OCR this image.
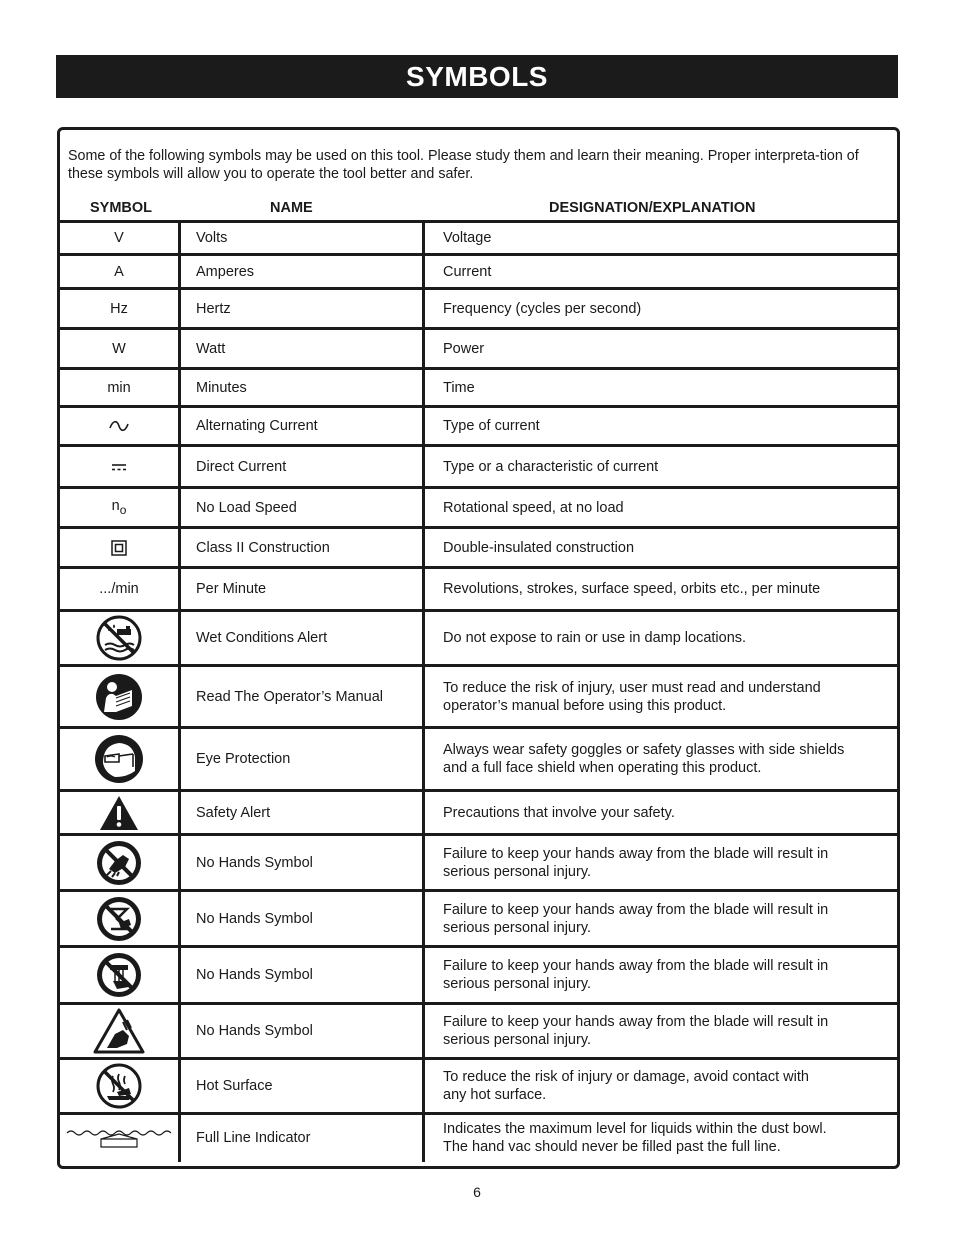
SYMBOLS

Some of the following symbols may be used on this tool. Please study them and learn their meaning. Proper interpreta-tion of these symbols will allow you to operate the tool better and safer.

SYMBOL	NAME	DESIGNATION/EXPLANATION
V	Volts	Voltage
A	Amperes	Current
Hz	Hertz	Frequency (cycles per second)
W	Watt	Power
min	Minutes	Time
	Alternating Current	Type of current
	Direct Current	Type or a characteristic of current
$n_o$	No Load Speed	Rotational speed, at no load
	Class II Construction	Double-insulated construction
.../min	Per Minute	Revolutions, strokes, surface speed, orbits etc., per minute
	Wet Conditions Alert	Do not expose to rain or use in damp locations.
	Read The Operator’s Manual	To reduce the risk of injury, user must read and understand
operator’s manual before using this product.

	Eye Protection	Always wear safety goggles or safety glasses with side shields
and a full face shield when operating this product.

	Safety Alert	Precautions that involve your safety.
	No Hands Symbol	Failure to keep your hands away from the blade will result in
serious personal injury.

	No Hands Symbol	Failure to keep your hands away from the blade will result in
serious personal injury.

	No Hands Symbol	Failure to keep your hands away from the blade will result in
serious personal injury.

	No Hands Symbol	Failure to keep your hands away from the blade will result in
serious personal injury.

	Hot Surface	To reduce the risk of injury or damage, avoid contact with
any hot surface.

	Full Line Indicator	Indicates the maximum level for liquids within the dust bowl.
The hand vac should never be filled past the full line.
6
